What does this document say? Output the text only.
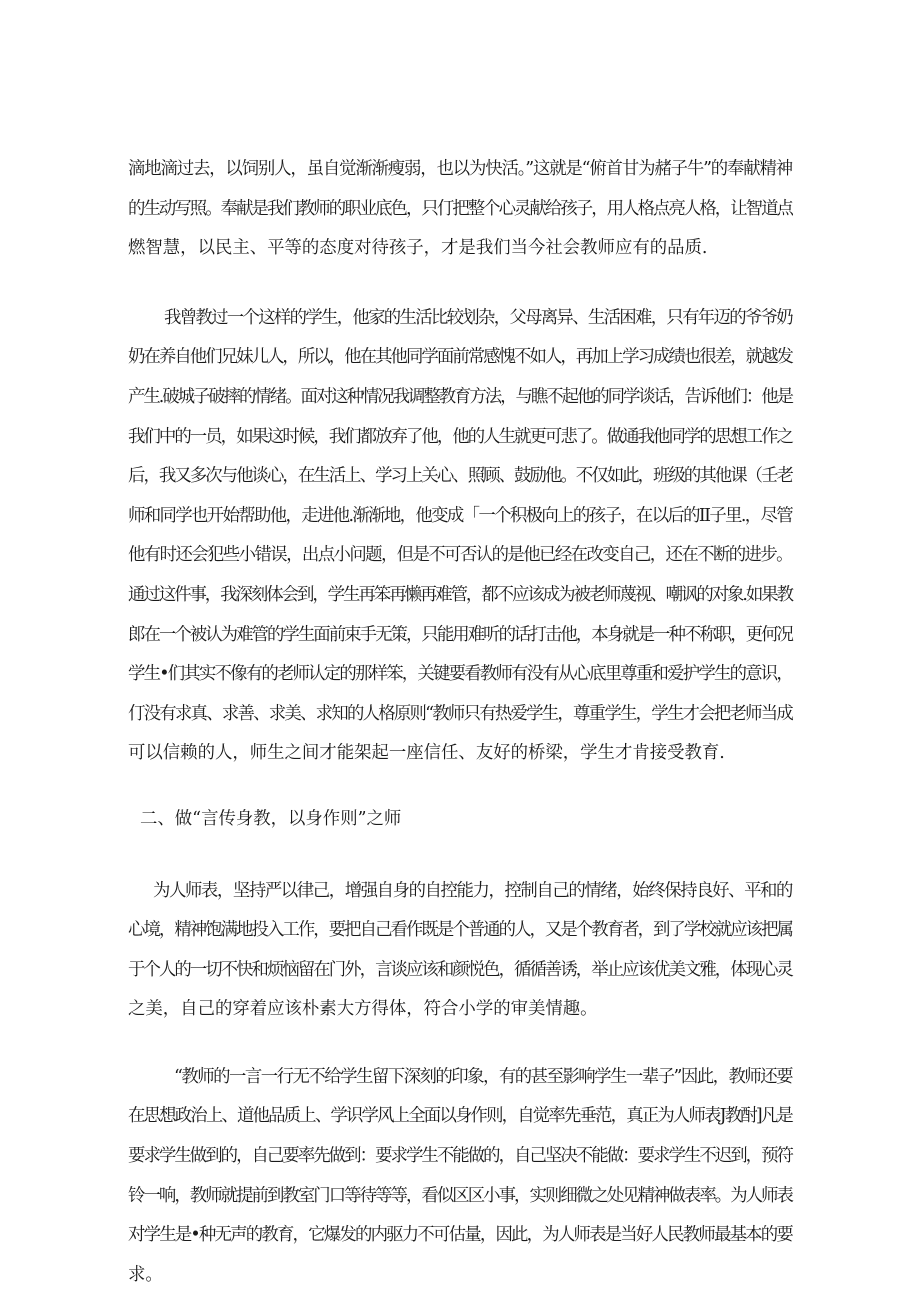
滴地滴过去，以饲别人，虽自觉渐渐瘦弱，也以为快活。”这就是“俯首甘为赭子牛”的奉献精神
的生动写照。奉献是我们教师的职业底色，只仃把整个心灵献给孩子，用人格点亮人格，让智道点
燃智慧，以民主、平等的态度对待孩子，才是我们当今社会教师应有的品质.
我曾教过一个这样的学生，他家的生活比较划杂，父母离异、生活困难，只有年迈的爷爷奶
奶在养自他们兄妹儿人，所以，他在其他同学面前常感愧不如人，再加上学习成绩也很差，就越发
产生.破城子破摔的情绪。面对这种情况我调整教育方法，与瞧不起他的同学谈话，告诉他们：他是
我们中的一员，如果这时候，我们都放弃了他，他的人生就更可悲了。做通我他同学的思想工作之
后，我又多次与他谈心，在生活上、学习上关心、照顾、鼓励他。不仅如此，班级的其他课（壬老
师和同学也开始帮助他，走进他.渐渐地，他变成「一个积极向上的孩子，在以后的II子里.，尽管
他有时还会犯些小错误，出点小问题，但是不可否认的是他已经在改变自己，还在不断的进步。
通过这件事，我深刻体会到，学生再笨再懒再难管，都不应该成为被老师蔑视、嘲讽的对象.如果教
郎在一个被认为难管的学生面前束手无策，只能用难听的话打击他，本身就是一种不称职，更何况
学生•们其实不像有的老师认定的那样笨，关键要看教师有没有从心底里尊重和爱护学生的意识，
仃没有求真、求善、求美、求知的人格原则“教师只有热爱学生，尊重学生，学生才会把老师当成
可以信赖的人，师生之间才能架起一座信任、友好的桥梁，学生才肯接受教育.
二、做“言传身教，以身作则”之师
为人师表，坚持严以律己，增强自身的自控能力，控制自己的情绪，始终保持良好、平和的
心境，精神饱满地投入工作，要把自己看作既是个普通的人，又是个教育者，到了学校就应该把属
于个人的一切不快和烦恼留在门外，言谈应该和颜悦色，循循善诱，举止应该优美文雅，体现心灵
之美，自己的穿着应该朴素大方得体，符合小学的审美情趣。
“教师的一言一行无不给学生留下深刻的印象，有的甚至影响学生一辈子”因此，教师还要
在思想政治上、道他品质上、学识学风上全面以身作则，自觉率先垂范，真正为人师表J教酎]凡是
要求学生做到的，自己要率先做到：要求学生不能做的，自己坚决不能做：要求学生不迟到，预符
铃一响，教师就提前到教室门口等待等等，看似区区小事，实则细微之处见精神做表率。为人师表
对学生是•种无声的教育，它爆发的内驱力不可估量，因此，为人师表是当好人民教师最基本的要
求。
